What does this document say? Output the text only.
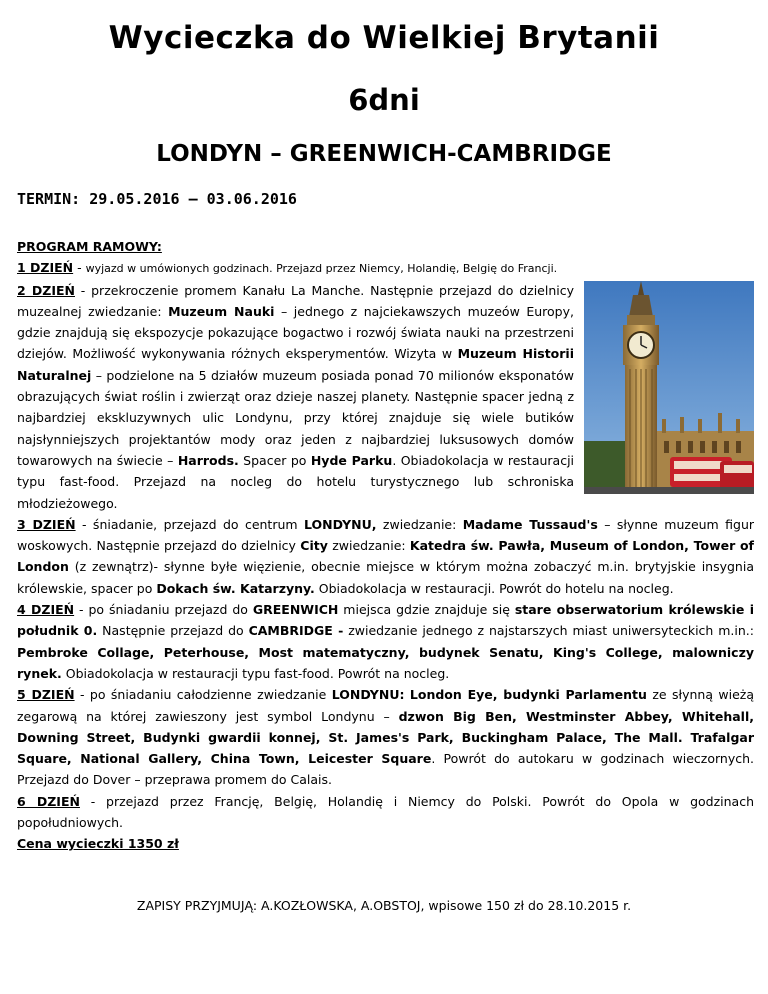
Wycieczka do Wielkiej Brytanii
6dni
LONDYN – GREENWICH-CAMBRIDGE
TERMIN: 29.05.2016 – 03.06.2016

PROGRAM RAMOWY:

1 DZIEŃ - wyjazd w umówionych godzinach. Przejazd przez Niemcy, Holandię, Belgię do Francji.

2 DZIEŃ - przekroczenie promem Kanału La Manche. Następnie przejazd do dzielnicy muzealnej zwiedzanie: Muzeum Nauki – jednego z najciekawszych muzeów Europy, gdzie znajdują się ekspozycje pokazujące bogactwo i rozwój świata nauki na przestrzeni dziejów. Możliwość wykonywania różnych eksperymentów. Wizyta w Muzeum Historii Naturalnej – podzielone na 5 działów muzeum posiada ponad 70 milionów eksponatów obrazujących świat roślin i zwierząt oraz dzieje naszej planety. Następnie spacer jedną z najbardziej ekskluzywnych ulic Londynu, przy której znajduje się wiele butików najsłynniejszych projektantów mody oraz jeden z najbardziej luksusowych domów towarowych na świecie – Harrods. Spacer po Hyde Parku. Obiadokolacja w restauracji typu fast-food. Przejazd na nocleg do hotelu turystycznego lub schroniska młodzieżowego.

3 DZIEŃ - śniadanie, przejazd do centrum LONDYNU, zwiedzanie: Madame Tussaud's – słynne muzeum figur woskowych. Następnie przejazd do dzielnicy City zwiedzanie: Katedra św. Pawła, Museum of London, Tower of London (z zewnątrz)- słynne byłe więzienie, obecnie miejsce w którym można zobaczyć m.in. brytyjskie insygnia królewskie, spacer po Dokach św. Katarzyny. Obiadokolacja w restauracji. Powrót do hotelu na nocleg.

4 DZIEŃ - po śniadaniu przejazd do GREENWICH miejsca gdzie znajduje się stare obserwatorium królewskie i południk 0. Następnie przejazd do CAMBRIDGE - zwiedzanie jednego z najstarszych miast uniwersyteckich m.in.: Pembroke Collage, Peterhouse, Most matematyczny, budynek Senatu, King's College, malowniczy rynek. Obiadokolacja w restauracji typu fast-food. Powrót na nocleg.

5 DZIEŃ - po śniadaniu całodzienne zwiedzanie LONDYNU: London Eye, budynki Parlamentu ze słynną wieżą zegarową na której zawieszony jest symbol Londynu – dzwon Big Ben, Westminster Abbey, Whitehall, Downing Street, Budynki gwardii konnej, St. James's Park, Buckingham Palace, The Mall. Trafalgar Square, National Gallery, China Town, Leicester Square. Powrót do autokaru w godzinach wieczornych. Przejazd do Dover – przeprawa promem do Calais.

6 DZIEŃ - przejazd przez Francję, Belgię, Holandię i Niemcy do Polski. Powrót do Opola w godzinach popołudniowych.

Cena wycieczki 1350 zł

ZAPISY PRZYJMUJĄ: A.KOZŁOWSKA, A.OBSTOJ, wpisowe 150 zł do 28.10.2015 r.
